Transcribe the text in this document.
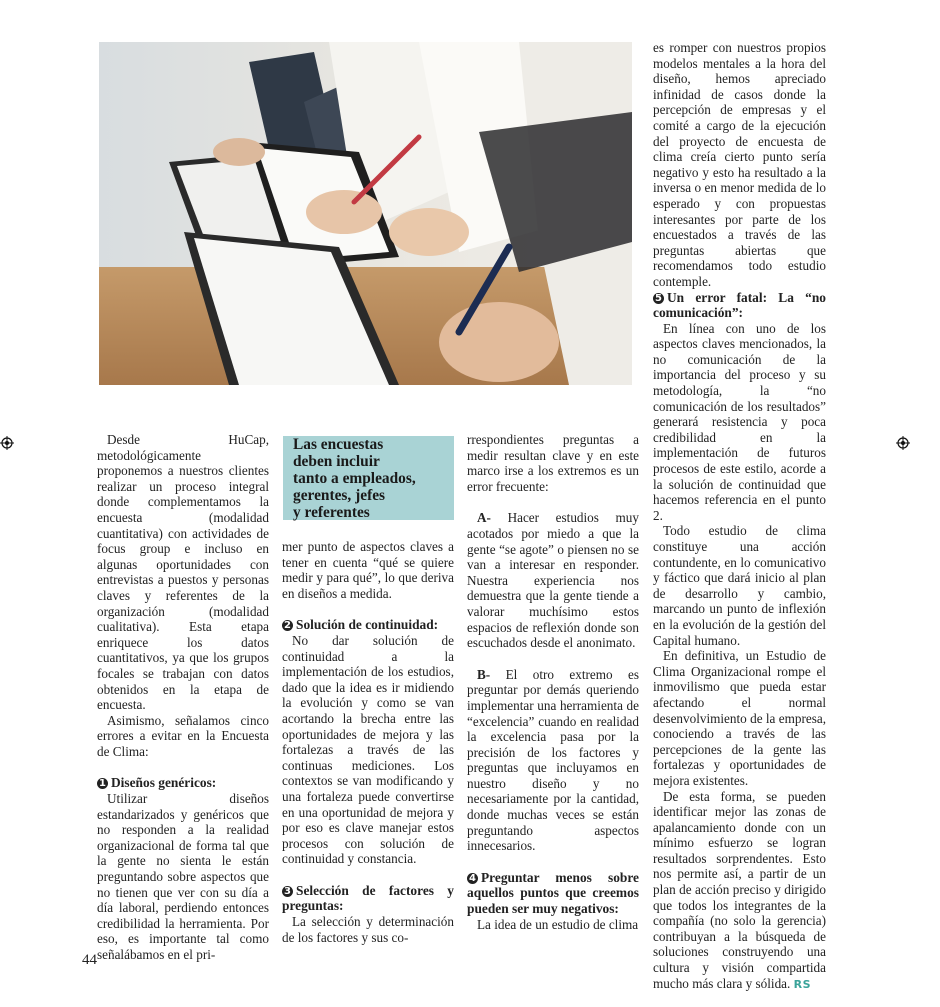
Desde HuCap, metodológicamente proponemos a nuestros clientes realizar un proceso integral donde complementamos la encuesta (modalidad cuantitativa) con actividades de focus group e incluso en algunas oportunidades con entrevistas a puestos y personas claves y referentes de la organización (modalidad cualitativa). Esta etapa enriquece los datos cuantitativos, ya que los grupos focales se trabajan con datos obtenidos en la etapa de encuesta.

Asimismo, señalamos cinco errores a evitar en la Encuesta de Clima:

1 Diseños genéricos:

Utilizar diseños estandarizados y genéricos que no responden a la realidad organizacional de forma tal que la gente no sienta le están preguntando sobre aspectos que no tienen que ver con su día a día laboral, perdiendo entonces credibilidad la herramienta. Por eso, es importante tal como señalábamos en el pri-

Las encuestas
deben incluir
tanto a empleados,
gerentes, jefes
y referentes

mer punto de aspectos claves a tener en cuenta “qué se quiere medir y para qué”, lo que deriva en diseños a medida.

2 Solución de continuidad:

No dar solución de continuidad a la implementación de los estudios, dado que la idea es ir midiendo la evolución y como se van acortando la brecha entre las oportunidades de mejora y las fortalezas a través de las continuas mediciones. Los contextos se van modificando y una fortaleza puede convertirse en una oportunidad de mejora y por eso es clave manejar estos procesos con solución de continuidad y constancia.

3 Selección de factores y preguntas:

La selección y determinación de los factores y sus co-

rrespondientes preguntas a medir resultan clave y en este marco irse a los extremos es un error frecuente:

A- Hacer estudios muy acotados por miedo a que la gente “se agote” o piensen no se van a interesar en responder. Nuestra experiencia nos demuestra que la gente tiende a valorar muchísimo estos espacios de reflexión donde son escuchados desde el anonimato.

B- El otro extremo es preguntar por demás queriendo implementar una herramienta de “excelencia” cuando en realidad la excelencia pasa por la precisión de los factores y preguntas que incluyamos en nuestro diseño y no necesariamente por la cantidad, donde muchas veces se están preguntando aspectos innecesarios.

4 Preguntar menos sobre aquellos puntos que creemos pueden ser muy negativos:

La idea de un estudio de clima

es romper con nuestros propios modelos mentales a la hora del diseño, hemos apreciado infinidad de casos donde la percepción de empresas y el comité a cargo de la ejecución del proyecto de encuesta de clima creía cierto punto sería negativo y esto ha resultado a la inversa o en menor medida de lo esperado y con propuestas interesantes por parte de los encuestados a través de las preguntas abiertas que recomendamos todo estudio contemple.

5 Un error fatal: La “no comunicación”:

En línea con uno de los aspectos claves mencionados, la no comunicación de la importancia del proceso y su metodología, la “no comunicación de los resultados” generará resistencia y poca credibilidad en la implementación de futuros procesos de este estilo, acorde a la solución de continuidad que hacemos referencia en el punto 2.

Todo estudio de clima constituye una acción contundente, en lo comunicativo y fáctico que dará inicio al plan de desarrollo y cambio, marcando un punto de inflexión en la evolución de la gestión del Capital humano.

En definitiva, un Estudio de Clima Organizacional rompe el inmovilismo que pueda estar afectando el normal desenvolvimiento de la empresa, conociendo a través de las percepciones de la gente las fortalezas y oportunidades de mejora existentes.

De esta forma, se pueden identificar mejor las zonas de apalancamiento donde con un mínimo esfuerzo se logran resultados sorprendentes. Esto nos permite así, a partir de un plan de acción preciso y dirigido que todos los integrantes de la compañía (no solo la gerencia) contribuyan a la búsqueda de soluciones construyendo una cultura y visión compartida mucho más clara y sólida. RS

44
